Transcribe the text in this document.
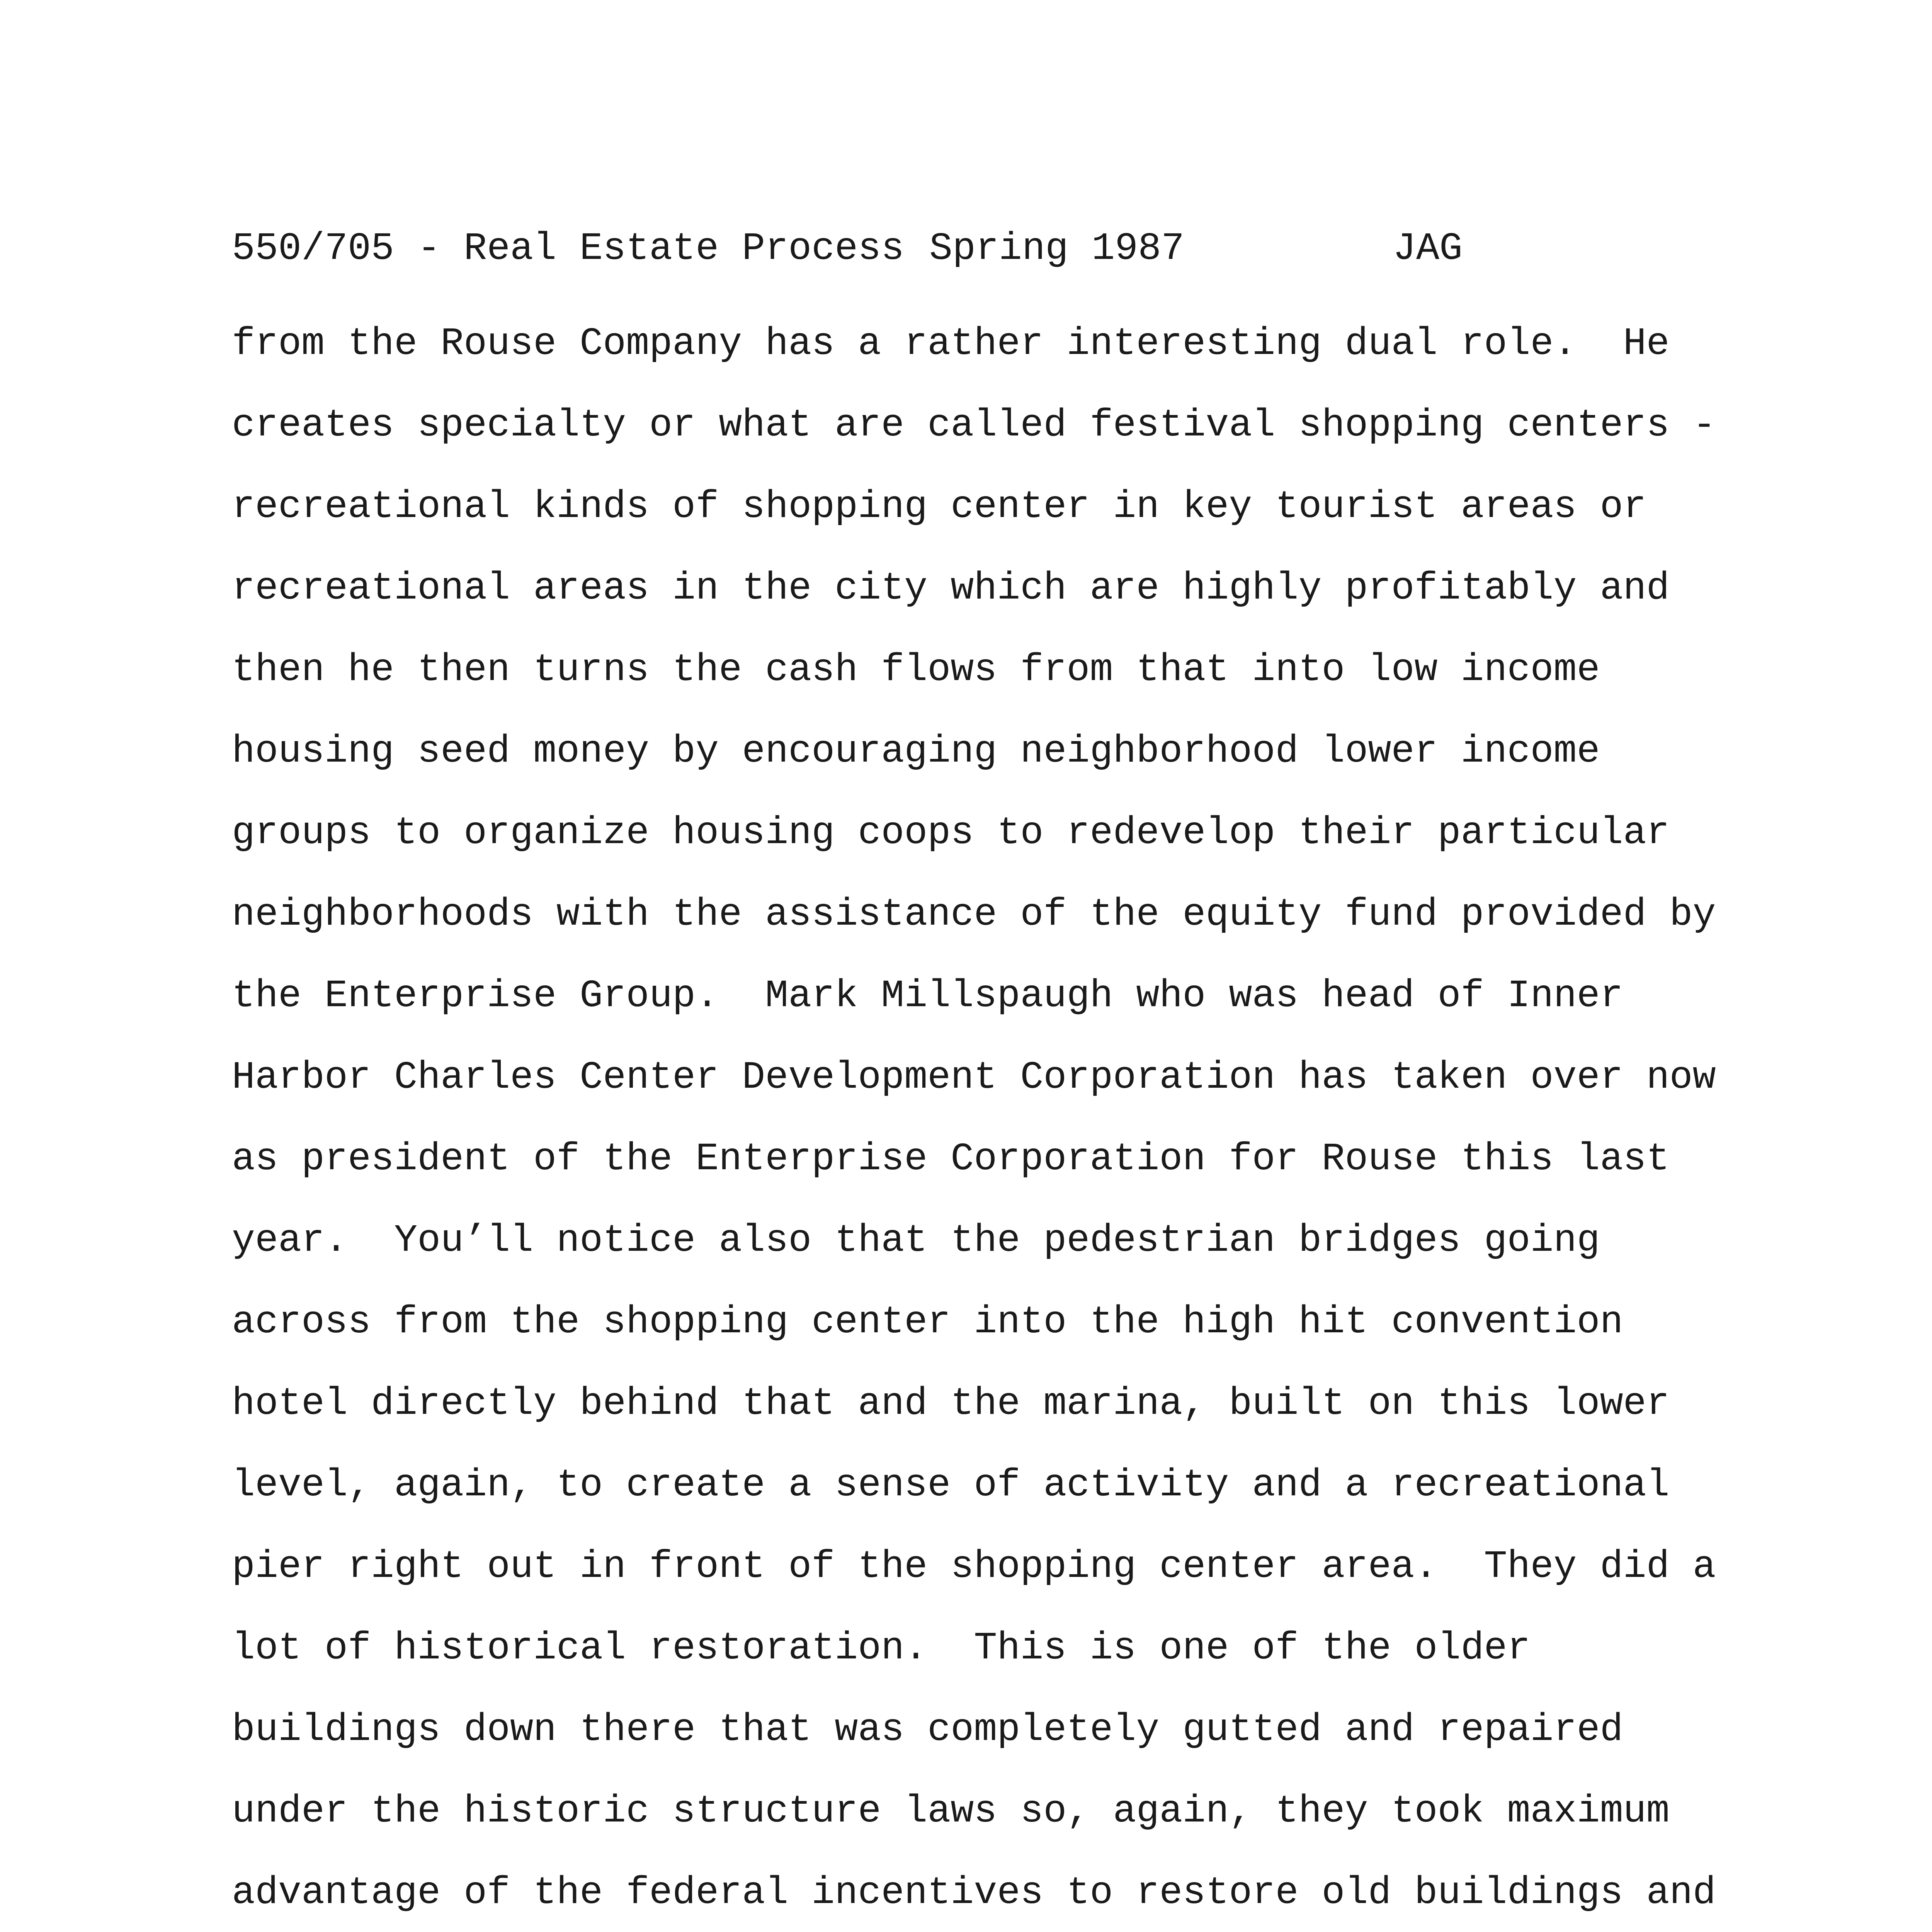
550/705 - Real Estate Process Spring 1987	JAG
from the Rouse Company has a rather interesting dual role.  He
creates specialty or what are called festival shopping centers -
recreational kinds of shopping center in key tourist areas or
recreational areas in the city which are highly profitably and
then he then turns the cash flows from that into low income
housing seed money by encouraging neighborhood lower income
groups to organize housing coops to redevelop their particular
neighborhoods with the assistance of the equity fund provided by
the Enterprise Group.  Mark Millspaugh who was head of Inner
Harbor Charles Center Development Corporation has taken over now
as president of the Enterprise Corporation for Rouse this last
year.  You’ll notice also that the pedestrian bridges going
across from the shopping center into the high hit convention
hotel directly behind that and the marina, built on this lower
level, again, to create a sense of activity and a recreational
pier right out in front of the shopping center area.  They did a
lot of historical restoration.  This is one of the older
buildings down there that was completely gutted and repaired
under the historic structure laws so, again, they took maximum
advantage of the federal incentives to restore old buildings and
